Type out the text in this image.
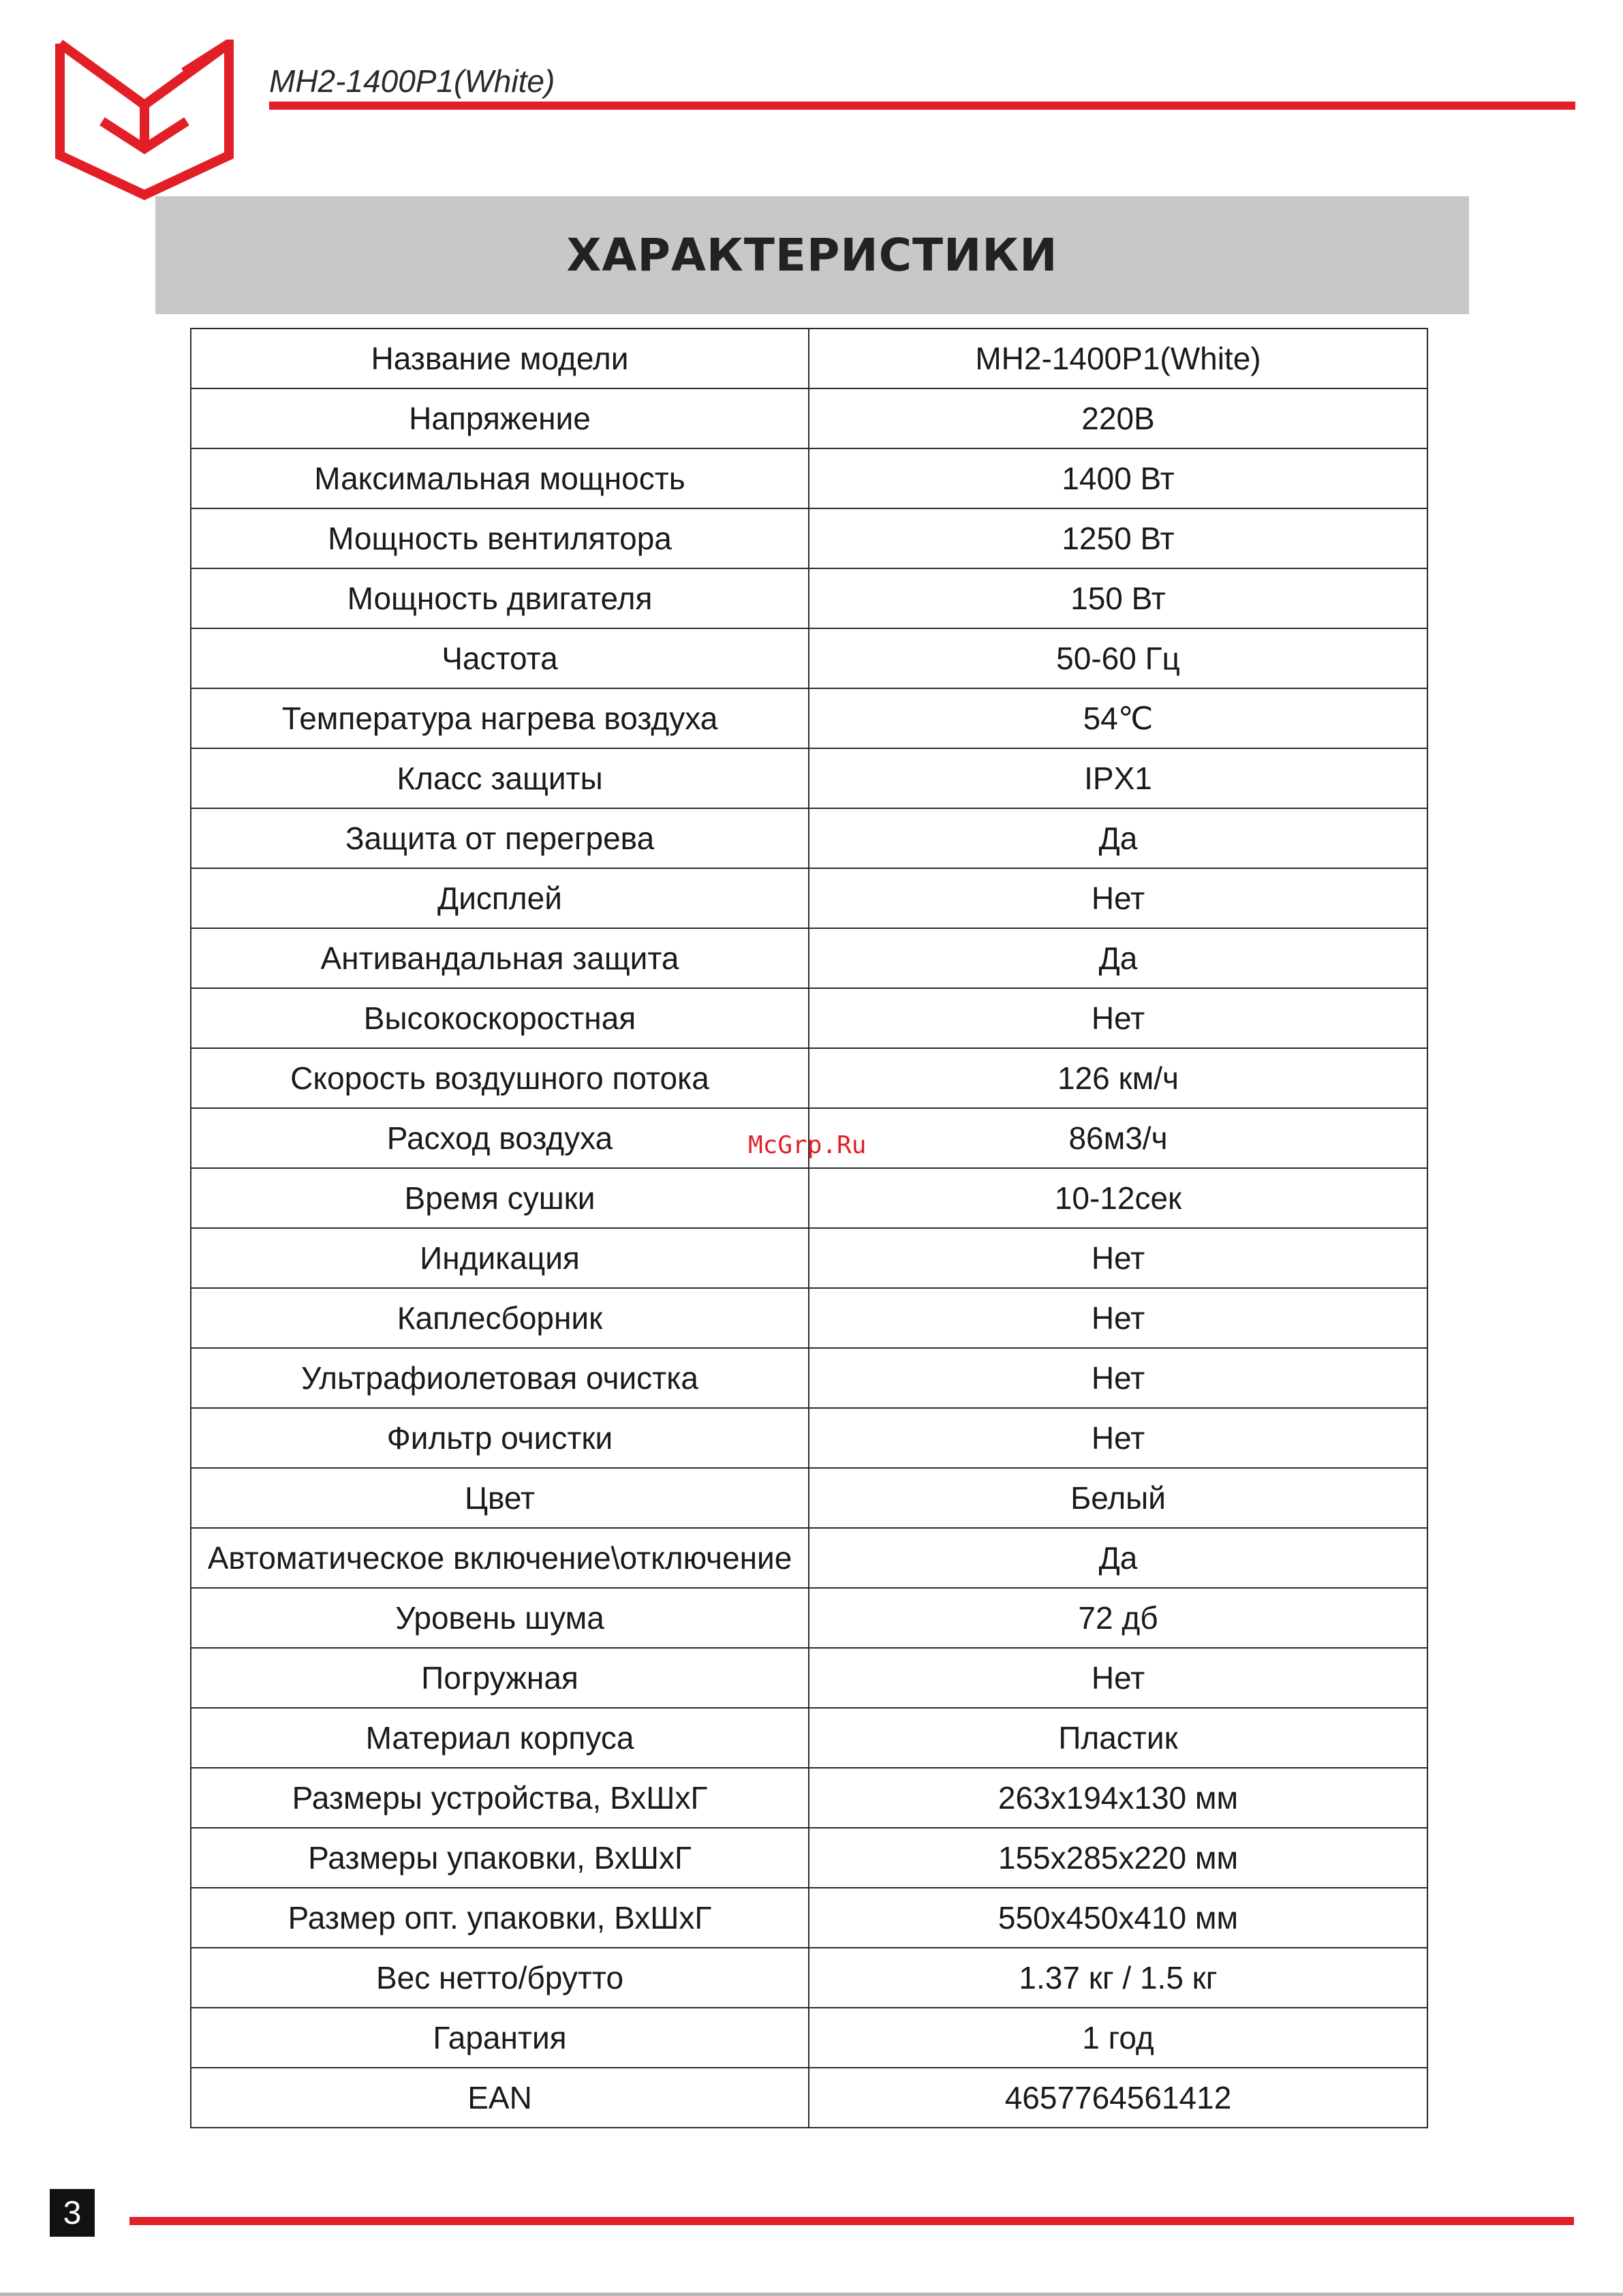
MH2-1400P1(White)
ХАРАКТЕРИСТИКИ
Название модели	MH2-1400P1(White)
Напряжение	220В
Максимальная мощность	1400 Вт
Мощность вентилятора	1250 Вт
Мощность двигателя	150 Вт
Частота	50-60 Гц
Температура нагрева воздуха	54℃
Класс защиты	IPX1
Защита от перегрева	Да
Дисплей	Нет
Антивандальная защита	Да
Высокоскоростная	Нет
Скорость воздушного потока	126 км/ч
Расход воздуха	86м3/ч
Время сушки	10-12сек
Индикация	Нет
Каплесборник	Нет
Ультрафиолетовая очистка	Нет
Фильтр очистки	Нет
Цвет	Белый
Автоматическое включение\отключение	Да
Уровень шума	72 дб
Погружная	Нет
Материал корпуса	Пластик
Размеры устройства, ВхШхГ	263х194х130 мм
Размеры упаковки, ВхШхГ	155х285х220 мм
Размер опт. упаковки, ВхШхГ	550х450х410 мм
Вес нетто/брутто	1.37 кг / 1.5 кг
Гарантия	1 год
EAN	4657764561412
McGrp.Ru
3
